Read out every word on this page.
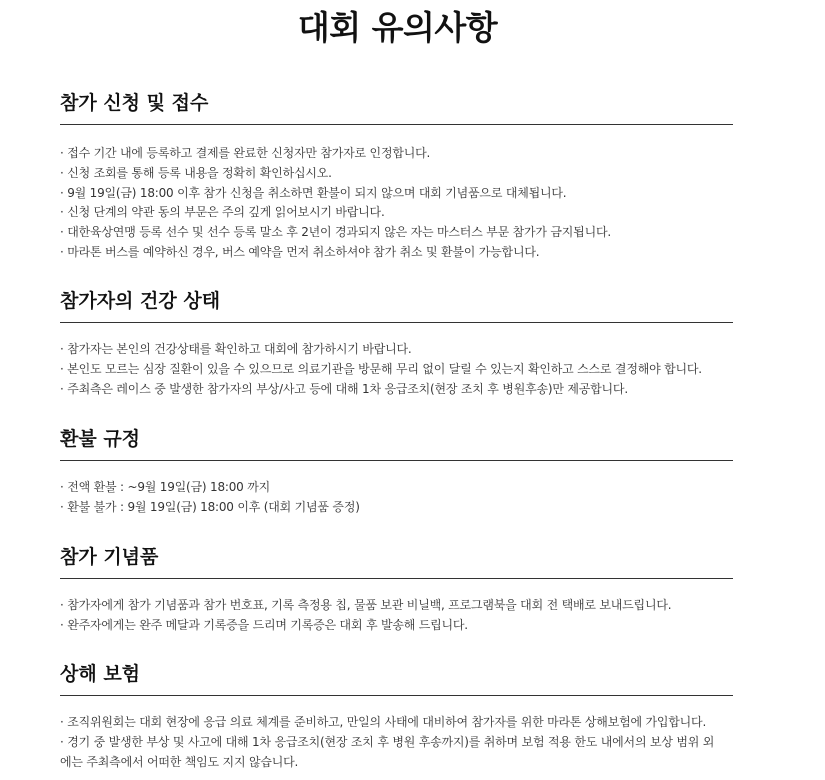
대회 유의사항
참가 신청 및 접수
· 접수 기간 내에 등록하고 결제를 완료한 신청자만 참가자로 인정합니다.
· 신청 조회를 통해 등록 내용을 정확히 확인하십시오.
· 9월 19일(금) 18:00 이후 참가 신청을 취소하면 환불이 되지 않으며 대회 기념품으로 대체됩니다.
· 신청 단계의 약관 동의 부문은 주의 깊게 읽어보시기 바랍니다.
· 대한육상연맹 등록 선수 및 선수 등록 말소 후 2년이 경과되지 않은 자는 마스터스 부문 참가가 금지됩니다.
· 마라톤 버스를 예약하신 경우, 버스 예약을 먼저 취소하셔야 참가 취소 및 환불이 가능합니다.
참가자의 건강 상태
· 참가자는 본인의 건강상태를 확인하고 대회에 참가하시기 바랍니다.
· 본인도 모르는 심장 질환이 있을 수 있으므로 의료기관을 방문해 무리 없이 달릴 수 있는지 확인하고 스스로 결정해야 합니다.
· 주최측은 레이스 중 발생한 참가자의 부상/사고 등에 대해 1차 응급조치(현장 조치 후 병원후송)만 제공합니다.
환불 규정
· 전액 환불 : ~9월 19일(금) 18:00 까지
· 환불 불가 : 9월 19일(금) 18:00 이후 (대회 기념품 증정)
참가 기념품
· 참가자에게 참가 기념품과 참가 번호표, 기록 측정용 칩, 물품 보관 비닐백, 프로그램북을 대회 전 택배로 보내드립니다.
· 완주자에게는 완주 메달과 기록증을 드리며 기록증은 대회 후 발송해 드립니다.
상해 보험
· 조직위원회는 대회 현장에 응급 의료 체계를 준비하고, 만일의 사태에 대비하여 참가자를 위한 마라톤 상해보험에 가입합니다.
· 경기 중 발생한 부상 및 사고에 대해 1차 응급조치(현장 조치 후 병원 후송까지)를 취하며 보험 적용 한도 내에서의 보상 범위 외에는 주최측에서 어떠한 책임도 지지 않습니다.
